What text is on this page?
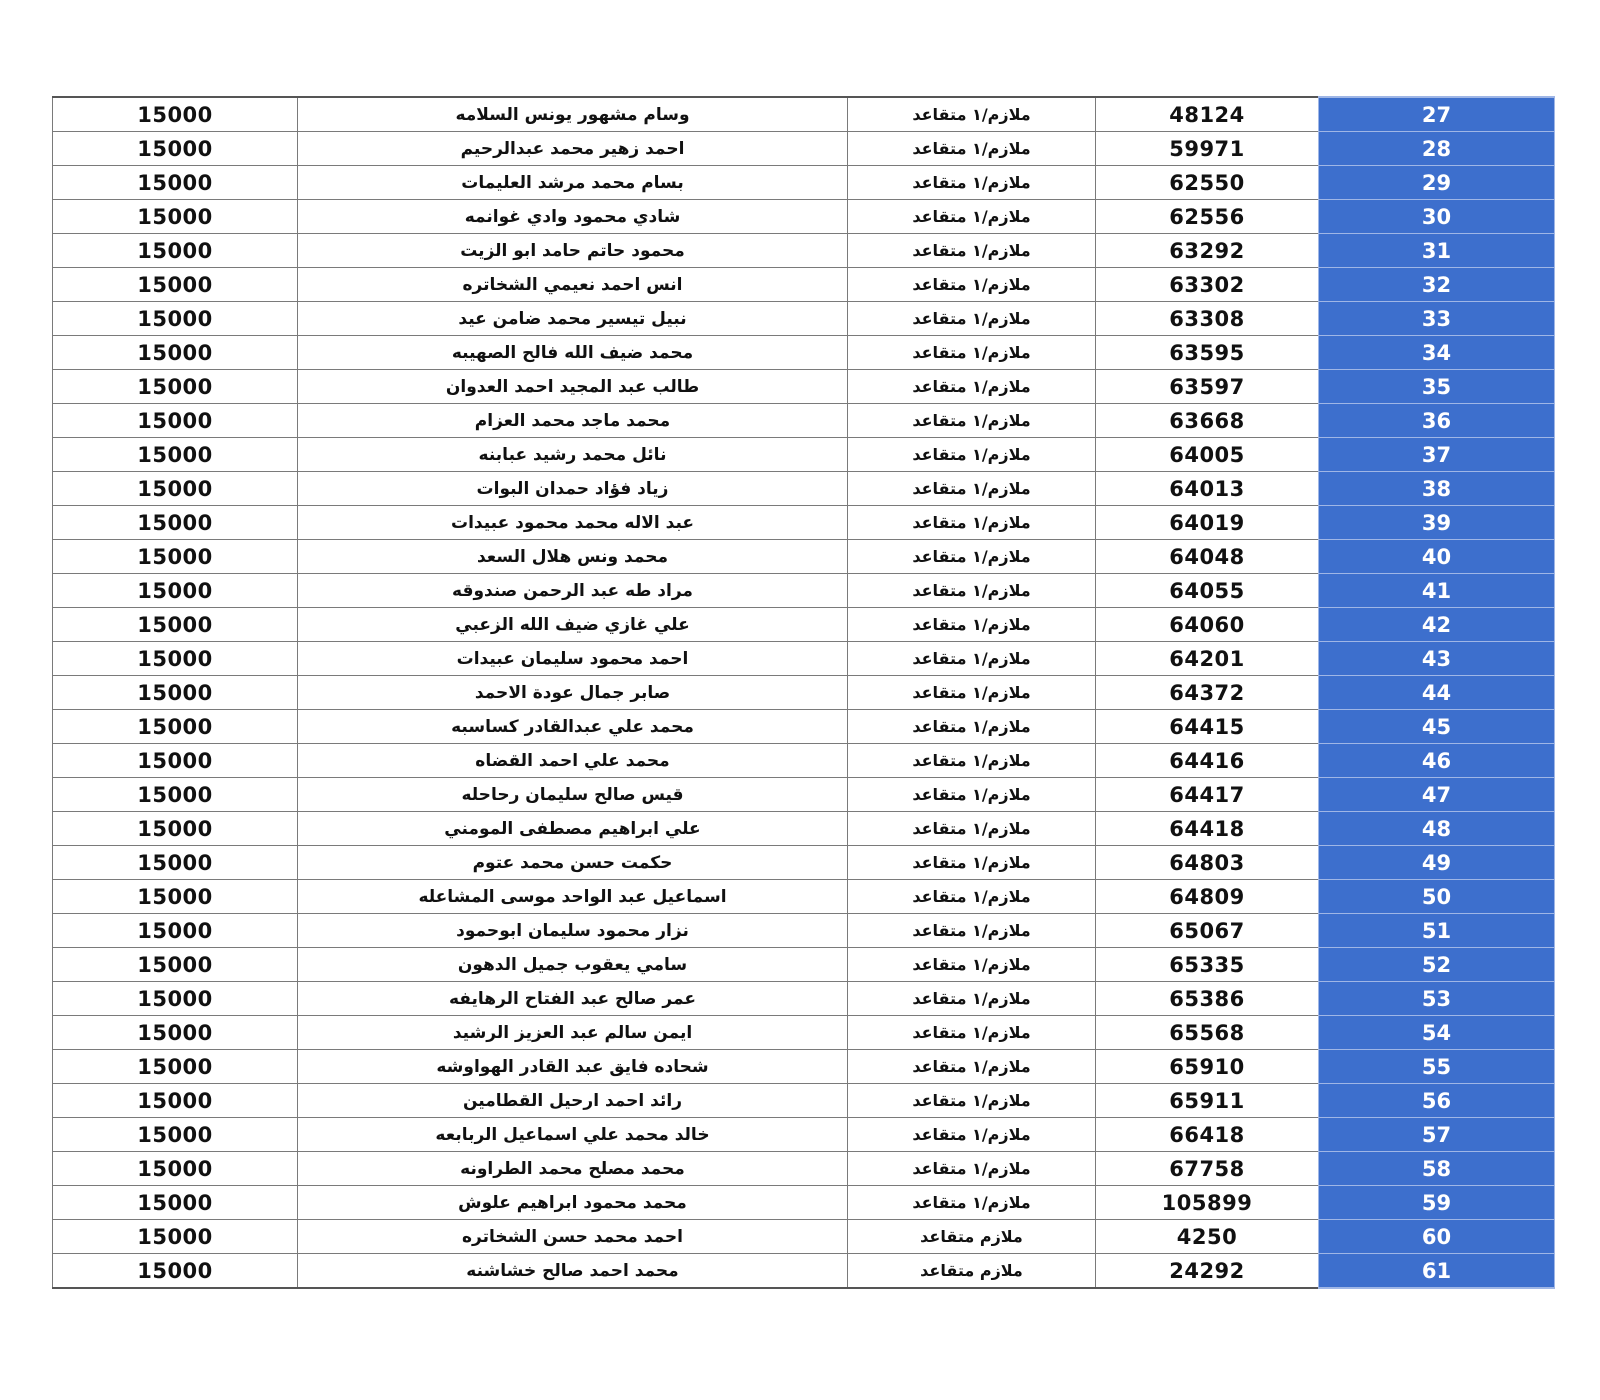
27	48124	ملازم/١ متقاعد	وسام مشهور يونس السلامه	15000
28	59971	ملازم/١ متقاعد	احمد زهير محمد عبدالرحيم	15000
29	62550	ملازم/١ متقاعد	بسام محمد مرشد العليمات	15000
30	62556	ملازم/١ متقاعد	شادي محمود وادي غوانمه	15000
31	63292	ملازم/١ متقاعد	محمود حاتم حامد ابو الزيت	15000
32	63302	ملازم/١ متقاعد	انس احمد نعيمي الشخاتره	15000
33	63308	ملازم/١ متقاعد	نبيل تيسير محمد ضامن عيد	15000
34	63595	ملازم/١ متقاعد	محمد ضيف الله فالح الصهيبه	15000
35	63597	ملازم/١ متقاعد	طالب عبد المجيد احمد العدوان	15000
36	63668	ملازم/١ متقاعد	محمد ماجد محمد العزام	15000
37	64005	ملازم/١ متقاعد	نائل محمد رشيد عبابنه	15000
38	64013	ملازم/١ متقاعد	زياد فؤاد حمدان البوات	15000
39	64019	ملازم/١ متقاعد	عبد الاله محمد محمود عبيدات	15000
40	64048	ملازم/١ متقاعد	محمد ونس هلال السعد	15000
41	64055	ملازم/١ متقاعد	مراد طه عبد الرحمن صندوقه	15000
42	64060	ملازم/١ متقاعد	علي غازي ضيف الله الزعبي	15000
43	64201	ملازم/١ متقاعد	احمد محمود سليمان عبيدات	15000
44	64372	ملازم/١ متقاعد	صابر جمال عودة الاحمد	15000
45	64415	ملازم/١ متقاعد	محمد علي عبدالقادر كساسبه	15000
46	64416	ملازم/١ متقاعد	محمد علي احمد القضاه	15000
47	64417	ملازم/١ متقاعد	قيس صالح سليمان رحاحله	15000
48	64418	ملازم/١ متقاعد	علي ابراهيم مصطفى المومني	15000
49	64803	ملازم/١ متقاعد	حكمت حسن محمد عتوم	15000
50	64809	ملازم/١ متقاعد	اسماعيل عبد الواحد موسى المشاعله	15000
51	65067	ملازم/١ متقاعد	نزار محمود سليمان ابوحمود	15000
52	65335	ملازم/١ متقاعد	سامي يعقوب جميل الدهون	15000
53	65386	ملازم/١ متقاعد	عمر صالح عبد الفتاح الرهايفه	15000
54	65568	ملازم/١ متقاعد	ايمن سالم عبد العزيز الرشيد	15000
55	65910	ملازم/١ متقاعد	شحاده فايق عبد القادر الهواوشه	15000
56	65911	ملازم/١ متقاعد	رائد احمد ارحيل القطامين	15000
57	66418	ملازم/١ متقاعد	خالد محمد علي اسماعيل الربابعه	15000
58	67758	ملازم/١ متقاعد	محمد مصلح محمد الطراونه	15000
59	105899	ملازم/١ متقاعد	محمد محمود ابراهيم علوش	15000
60	4250	ملازم متقاعد	احمد محمد حسن الشخاتره	15000
61	24292	ملازم متقاعد	محمد احمد صالح خشاشنه	15000
